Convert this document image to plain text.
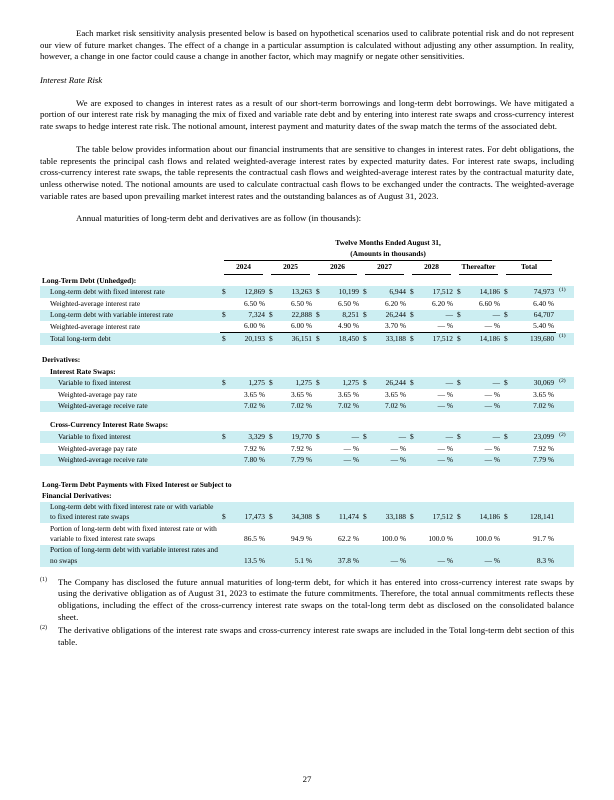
Each market risk sensitivity analysis presented below is based on hypothetical scenarios used to calibrate potential risk and do not represent our view of future market changes. The effect of a change in a particular assumption is calculated without adjusting any other assumption. In reality, however, a change in one factor could cause a change in another factor, which may magnify or negate other sensitivities.

Interest Rate Risk

We are exposed to changes in interest rates as a result of our short-term borrowings and long-term debt borrowings. We have mitigated a portion of our interest rate risk by managing the mix of fixed and variable rate debt and by entering into interest rate swaps and cross-currency interest rate swaps to hedge interest rate risk. The notional amount, interest payment and maturity dates of the swap match the terms of the associated debt.

The table below provides information about our financial instruments that are sensitive to changes in interest rates. For debt obligations, the table represents the principal cash flows and related weighted-average interest rates by expected maturity dates. For interest rate swaps, including cross-currency interest rate swaps, the table represents the contractual cash flows and weighted-average interest rates by the contractual maturity date, unless otherwise noted. The notional amounts are used to calculate contractual cash flows to be exchanged under the contracts. The weighted-average variable rates are based upon prevailing market interest rates and the outstanding balances as of August 31, 2023.

Annual maturities of long-term debt and derivatives are as follow (in thousands):

	Twelve Months Ended August 31,
(Amounts in thousands)														

	2024		2025		2026		2027		2028		Thereafter		Total		

Long-Term Debt (Unhedged):															

Long-term debt with fixed interest rate	$	12,869	$	13,263	$	10,199	$	6,944	$	17,512	$	14,186	$	74,973	$^{(1)}$
Weighted-average interest rate		6.50 %		6.50 %		6.50 %		6.20 %		6.20 %		6.60 %		6.40 %	
Long-term debt with variable interest rate	$	7,324	$	22,888	$	8,251	$	26,244	$	—	$	—	$	64,707	
Weighted-average interest rate		6.00 %		6.00 %		4.90 %		3.70 %		— %		— %		5.40 %	
Total long-term debt	$	20,193	$	36,151	$	18,450	$	33,188	$	17,512	$	14,186	$	139,680	$^{(1)}$

Derivatives:															

Interest Rate Swaps:															

Variable to fixed interest	$	1,275	$	1,275	$	1,275	$	26,244	$	—	$	—	$	30,069	$^{(2)}$
Weighted-average pay rate		3.65 %		3.65 %		3.65 %		3.65 %		— %		— %		3.65 %	
Weighted-average receive rate		7.02 %		7.02 %		7.02 %		7.02 %		— %		— %		7.02 %	

Cross-Currency Interest Rate Swaps:															

Variable to fixed interest	$	3,329	$	19,770	$	—	$	—	$	—	$	—	$	23,099	$^{(2)}$
Weighted-average pay rate		7.92 %		7.92 %		— %		— %		— %		— %		7.92 %	
Weighted-average receive rate		7.80 %		7.79 %		— %		— %		— %		— %		7.79 %	

Long-Term Debt Payments with Fixed Interest or Subject to Financial Derivatives:															

Long-term debt with fixed interest rate or with variable to fixed interest rate swaps	$	17,473	$	34,308	$	11,474	$	33,188	$	17,512	$	14,186	$	128,141	
Portion of long-term debt with fixed interest rate or with variable to fixed interest rate swaps		86.5 %		94.9 %		62.2 %		100.0 %		100.0 %		100.0 %		91.7 %	
Portion of long-term debt with variable interest rates and no swaps		13.5 %		5.1 %		37.8 %		— %		— %		— %		8.3 %	
$^{(1)}$	The Company has disclosed the future annual maturities of long-term debt, for which it has entered into cross-currency interest rate swaps by using the derivative obligation as of August 31, 2023 to estimate the future commitments. Therefore, the total annual commitments reflects these obligations, including the effect of the cross-currency interest rate swaps on the total-long term debt as disclosed on the consolidated balance sheet.
$^{(2)}$	The derivative obligations of the interest rate swaps and cross-currency interest rate swaps are included in the Total long-term debt section of this table.
27
